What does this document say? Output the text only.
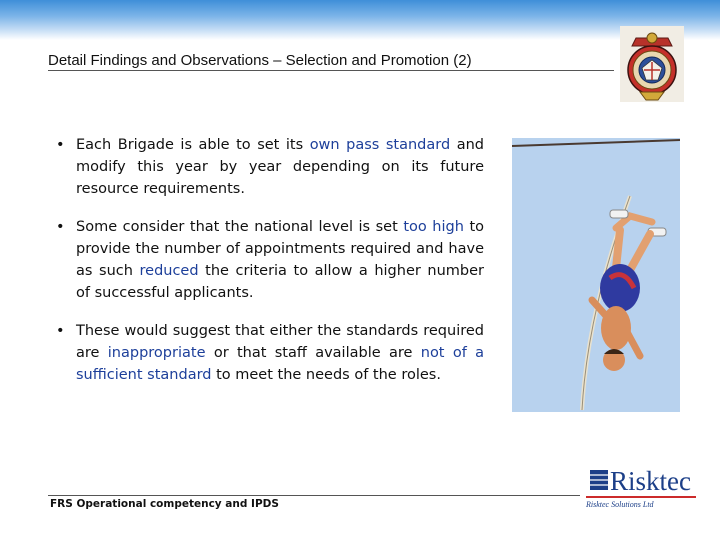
Detail Findings and Observations – Selection and Promotion (2)
• Each Brigade is able to set its own pass standard and modify this year by year depending on its future resource requirements.
• Some consider that the national level is set too high to provide the number of appointments required and have as such reduced the criteria to allow a higher number of successful applicants.
• These would suggest that either the standards required are inappropriate or that staff available are not of a sufficient standard to meet the needs of the roles.
FRS Operational competency and IPDS
Risktec
Risktec Solutions Ltd
